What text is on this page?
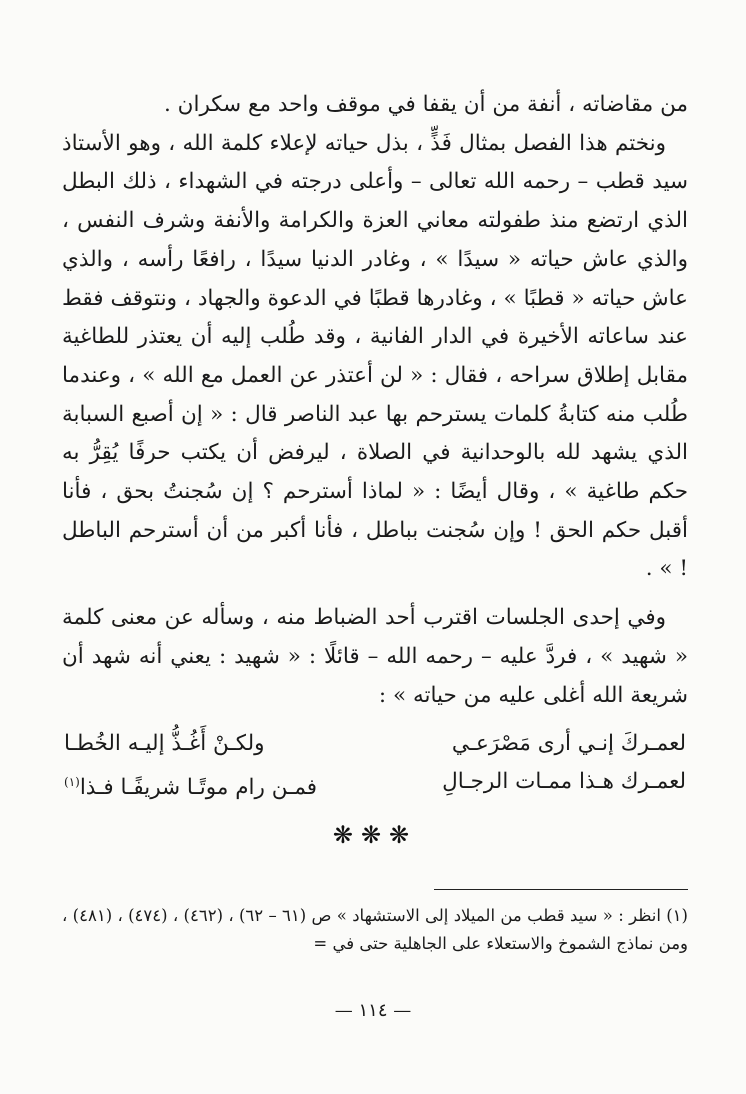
من مقاضاته ، أنفة من أن يقفا في موقف واحد مع سكران .

ونختم هذا الفصل بمثال فَذٍّ ، بذل حياته لإعلاء كلمة الله ، وهو الأستاذ سيد قطب – رحمه الله تعالى – وأعلى درجته في الشهداء ، ذلك البطل الذي ارتضع منذ طفولته معاني العزة والكرامة والأنفة وشرف النفس ، والذي عاش حياته « سيدًا » ، وغادر الدنيا سيدًا ، رافعًا رأسه ، والذي عاش حياته « قطبًا » ، وغادرها قطبًا في الدعوة والجهاد ، ونتوقف فقط عند ساعاته الأخيرة في الدار الفانية ، وقد طُلب إليه أن يعتذر للطاغية مقابل إطلاق سراحه ، فقال : « لن أعتذر عن العمل مع الله » ، وعندما طُلب منه كتابةُ كلمات يسترحم بها عبد الناصر قال : « إن أصبع السبابة الذي يشهد لله بالوحدانية في الصلاة ، ليرفض أن يكتب حرفًا يُقِرُّ به حكم طاغية » ، وقال أيضًا : « لماذا أسترحم ؟ إن سُجنتُ بحق ، فأنا أقبل حكم الحق ! وإن سُجنت بباطل ، فأنا أكبر من أن أسترحم الباطل ! » .

وفي إحدى الجلسات اقترب أحد الضباط منه ، وسأله عن معنى كلمة « شهيد » ، فردَّ عليه – رحمه الله – قائلًا : « شهيد : يعني أنه شهد أن شريعة الله أغلى عليه من حياته » :

لعمـركَ إنـي أرى مَصْرَعـي
ولكـنْ أَغُـذُّ إليـه الخُطـا
لعمـرك هـذا ممـات الرجـالِ
فمـن رام موتًـا شريفًـا فـذا$^{(١)}$
❋❋❋

(١) انظر : « سيد قطب من الميلاد إلى الاستشهاد » ص (٦١ – ٦٢) ، (٤٦٢) ، (٤٧٤) ، (٤٨١) ، ومن نماذج الشموخ والاستعلاء على الجاهلية حتى في =

— ١١٤ —
